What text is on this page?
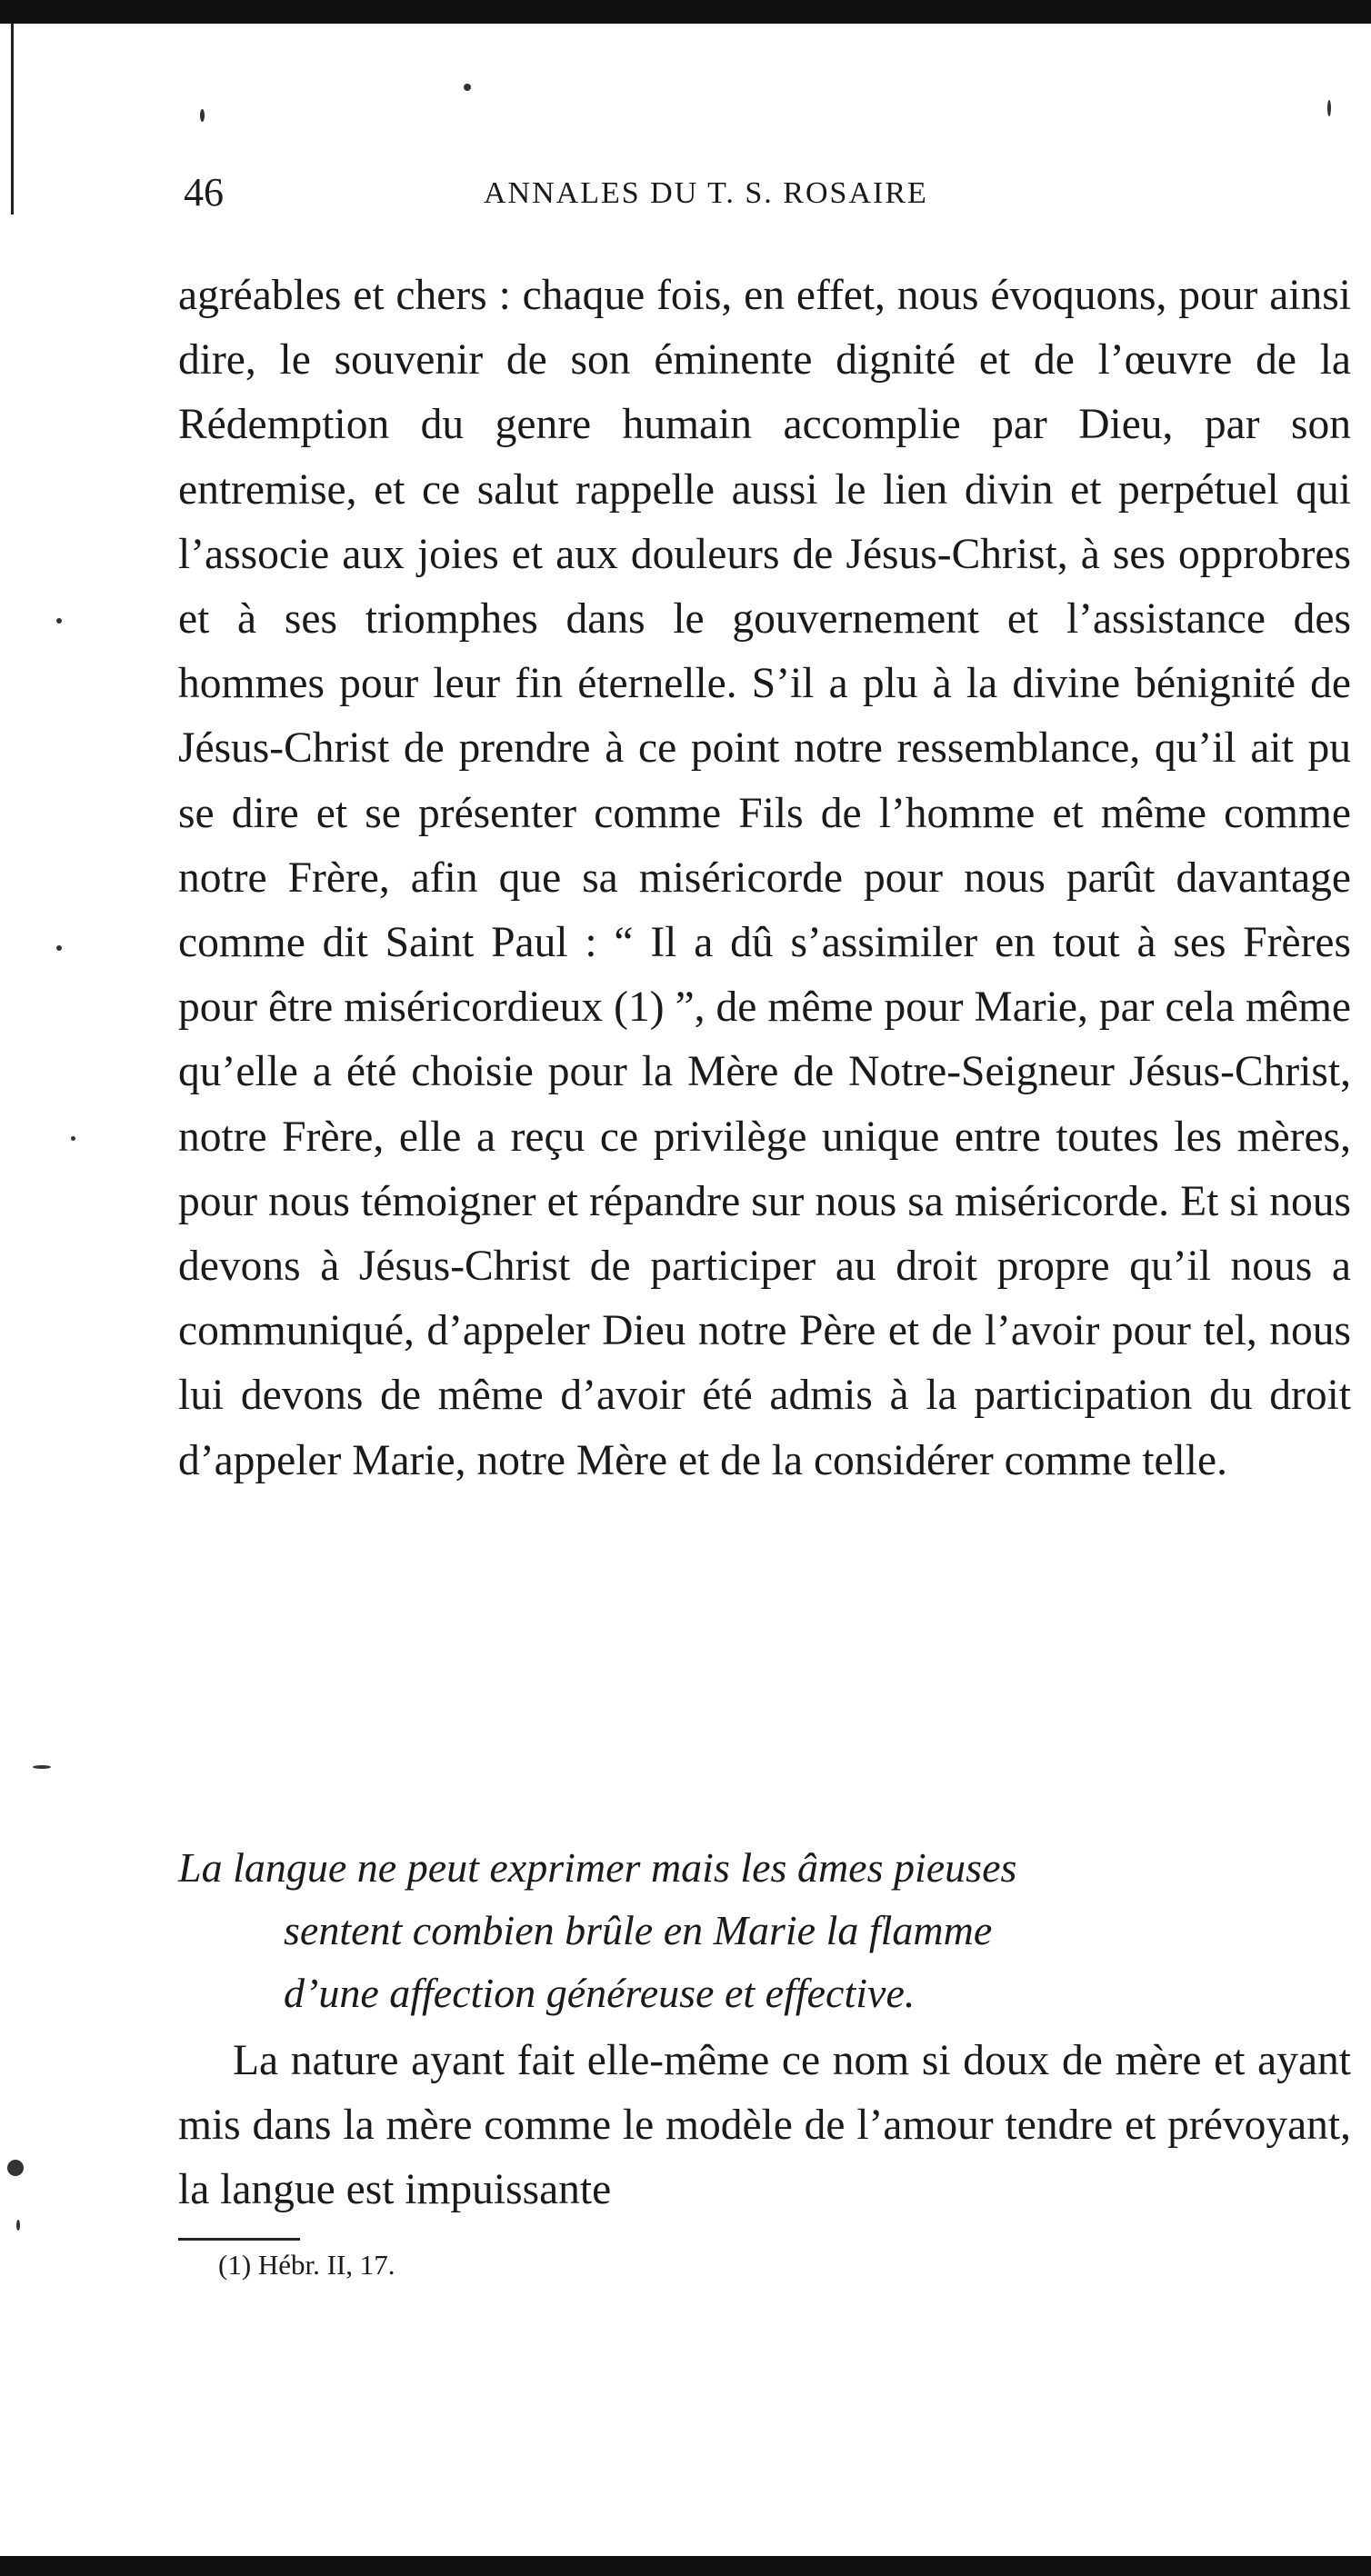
46	ANNALES DU T. S. ROSAIRE

agréables et chers : chaque fois, en effet, nous évoquons, pour ainsi dire, le souvenir de son éminente dignité et de l’œuvre de la Rédemption du genre humain accomplie par Dieu, par son entremise, et ce salut rappelle aussi le lien divin et perpétuel qui l’associe aux joies et aux douleurs de Jésus-Christ, à ses opprobres et à ses triomphes dans le gouvernement et l’assistance des hommes pour leur fin éternelle. S’il a plu à la divine bénignité de Jésus-Christ de prendre à ce point notre ressemblance, qu’il ait pu se dire et se présenter comme Fils de l’homme et même comme notre Frère, afin que sa miséricorde pour nous parût davantage comme dit Saint Paul : “ Il a dû s’assimiler en tout à ses Frères pour être miséricordieux (1) ”, de même pour Marie, par cela même qu’elle a été choisie pour la Mère de Notre-Seigneur Jésus-Christ, notre Frère, elle a reçu ce privilège unique entre toutes les mères, pour nous témoigner et répandre sur nous sa miséricorde. Et si nous devons à Jésus-Christ de participer au droit propre qu’il nous a communiqué, d’appeler Dieu notre Père et de l’avoir pour tel, nous lui devons de même d’avoir été admis à la participation du droit d’appeler Marie, notre Mère et de la considérer comme telle.

La langue ne peut exprimer mais les âmes pieuses
sentent combien brûle en Marie la flamme
d’une affection généreuse et effective.
La nature ayant fait elle-même ce nom si doux de mère et ayant mis dans la mère comme le modèle de l’amour tendre et prévoyant, la langue est impuissante
(1) Hébr. II, 17.
